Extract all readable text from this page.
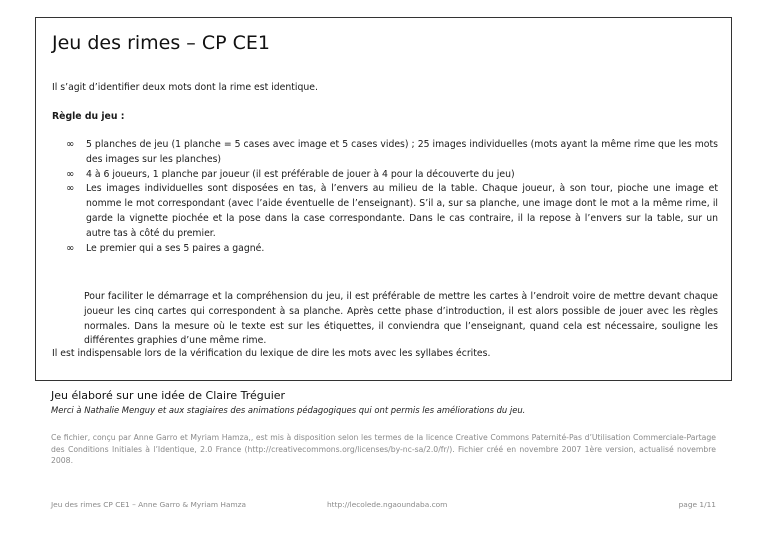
Jeu des rimes – CP CE1
Il s’agit d’identifier deux mots dont la rime est identique.
Règle du jeu :
∞	5 planches de jeu (1 planche = 5 cases avec image et 5 cases vides) ; 25 images individuelles (mots ayant la même rime que les mots des images sur les planches)
∞	4 à 6 joueurs, 1 planche par joueur (il est préférable de jouer à 4 pour la découverte du jeu)
∞	Les images individuelles sont disposées en tas, à l’envers au milieu de la table. Chaque joueur, à son tour, pioche une image et nomme le mot correspondant (avec l’aide éventuelle de l’enseignant). S’il a, sur sa planche, une image dont le mot a la même rime, il garde la vignette piochée et la pose dans la case correspondante. Dans le cas contraire, il la repose à l’envers sur la table, sur un autre tas à côté du premier.
∞	Le premier qui a ses 5 paires a gagné.
Pour faciliter le démarrage et la compréhension du jeu, il est préférable de mettre les cartes à l’endroit voire de mettre devant chaque joueur les cinq cartes qui correspondent à sa planche. Après cette phase d’introduction, il est alors possible de jouer avec les règles normales. Dans la mesure où le texte est sur les étiquettes, il conviendra que l’enseignant, quand cela est nécessaire, souligne les différentes graphies d’une même rime.
Il est indispensable lors de la vérification du lexique de dire les mots avec les syllabes écrites.
Jeu élaboré sur une idée de Claire Tréguier
Merci à Nathalie Menguy et aux stagiaires des animations pédagogiques qui ont permis les améliorations du jeu.
Ce fichier, conçu par Anne Garro et Myriam Hamza,, est mis à disposition selon les termes de la licence Creative Commons Paternité-Pas d’Utilisation Commerciale-Partage des Conditions Initiales à l’Identique, 2.0 France (http://creativecommons.org/licenses/by-nc-sa/2.0/fr/). Fichier créé en novembre 2007 1ère version, actualisé novembre 2008.
Jeu des rimes CP CE1 – Anne Garro & Myriam Hamza	http://lecolede.ngaoundaba.com	page 1/11
